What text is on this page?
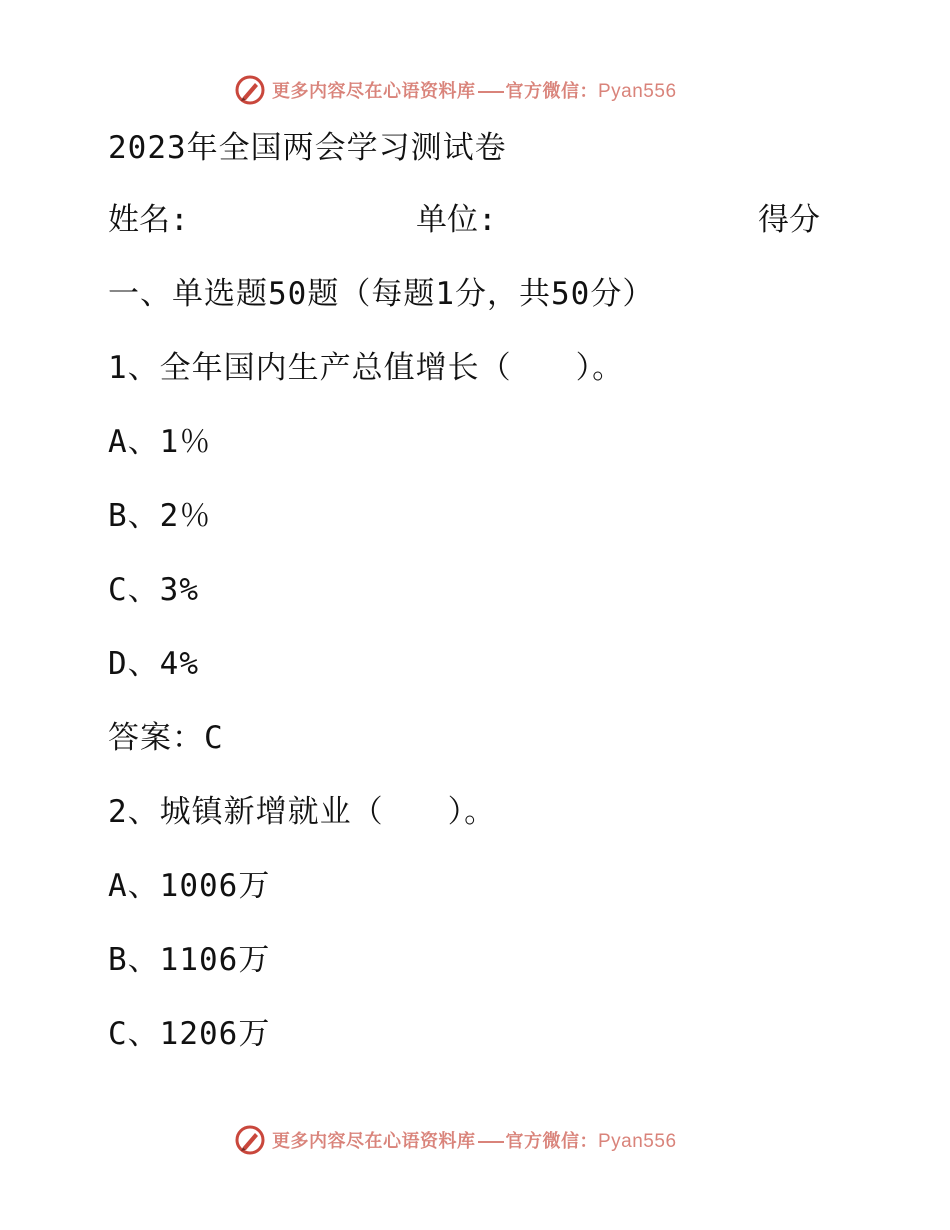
更多内容尽在心语资料库 官方微信：Pyan556
2023年全国两会学习测试卷
姓名:	单位:	得分
一、单选题50题（每题1分，共50分）
1、全年国内生产总值增长（　　）。
A、1％
B、2％
C、3%
D、4%
答案：C
2、城镇新增就业（　　）。
A、1006万
B、1106万
C、1206万
更多内容尽在心语资料库 官方微信：Pyan556
